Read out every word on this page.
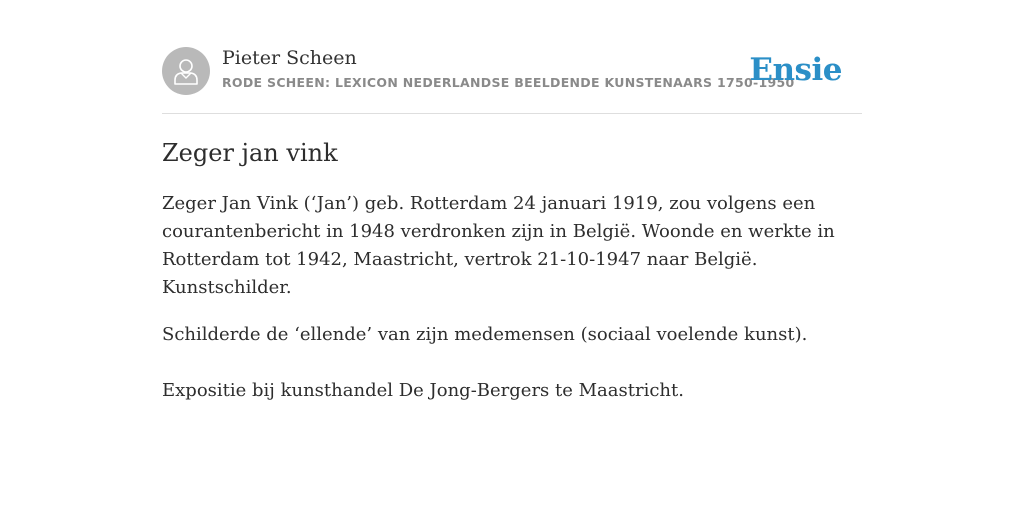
Pieter Scheen
RODE SCHEEN: LEXICON NEDERLANDSE BEELDENDE KUNSTENAARS 1750-1950
Ensie
Zeger jan vink

Zeger Jan Vink (‘Jan’) geb. Rotterdam 24 januari 1919, zou volgens een courantenbericht in 1948 verdronken zijn in België. Woonde en werkte in Rotterdam tot 1942, Maastricht, vertrok 21-10-1947 naar België. Kunstschilder.

Schilderde de ‘ellende’ van zijn medemensen (sociaal voelende kunst).

Expositie bij kunsthandel De Jong-Bergers te Maastricht.
